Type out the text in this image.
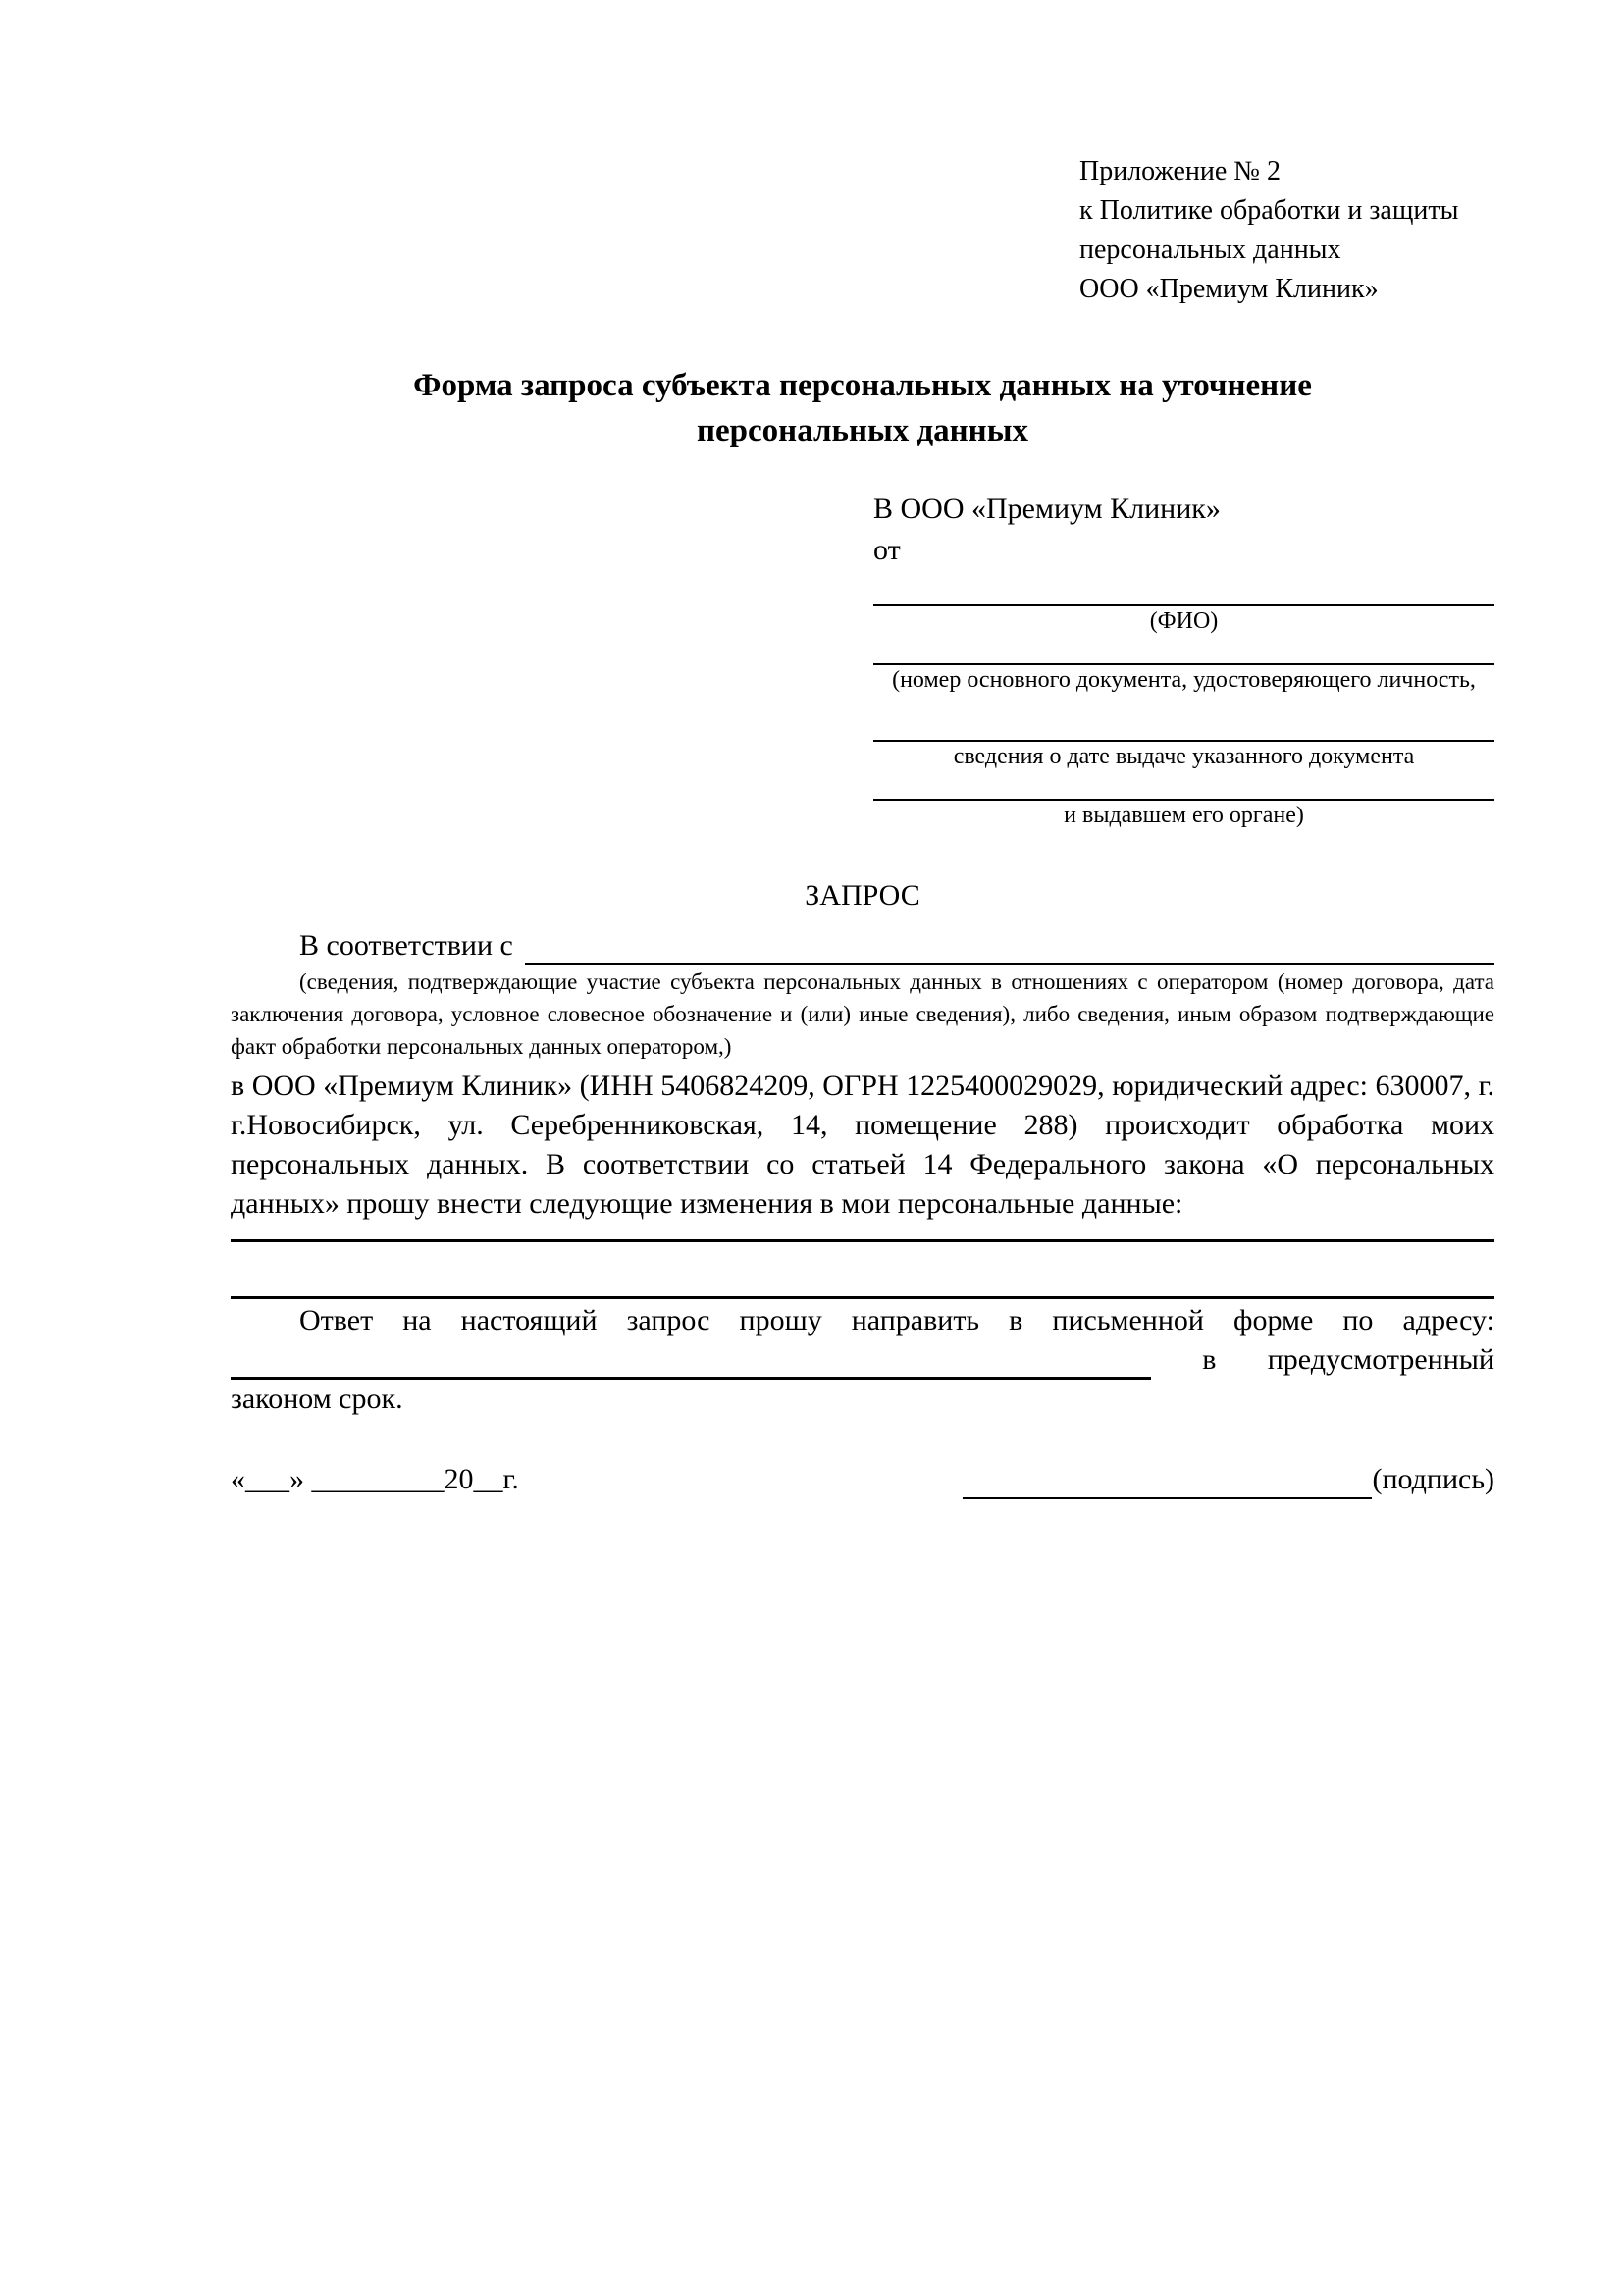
Приложение № 2
к Политике обработки и защиты
персональных данных
ООО «Премиум Клиник»
Форма запроса субъекта персональных данных на уточнение персональных данных
В ООО «Премиум Клиник»
от
(ФИО)
(номер основного документа, удостоверяющего личность,
сведения о дате выдаче указанного документа
и выдавшем его органе)
ЗАПРОС
В соответствии с
(сведения, подтверждающие участие субъекта персональных данных в отношениях с оператором (номер договора, дата заключения договора, условное словесное обозначение и (или) иные сведения), либо сведения, иным образом подтверждающие факт обработки персональных данных оператором,)
в ООО «Премиум Клиник» (ИНН 5406824209, ОГРН 1225400029029, юридический адрес: 630007, г. г.Новосибирск, ул. Серебренниковская, 14, помещение 288) происходит обработка моих персональных данных. В соответствии со статьей 14 Федерального закона «О персональных данных» прошу внести следующие изменения в мои персональные данные:
Ответ на настоящий запрос прошу направить в письменной форме по адресу:
в предусмотренный
законом срок.
«___» _________20__г.	(подпись)
